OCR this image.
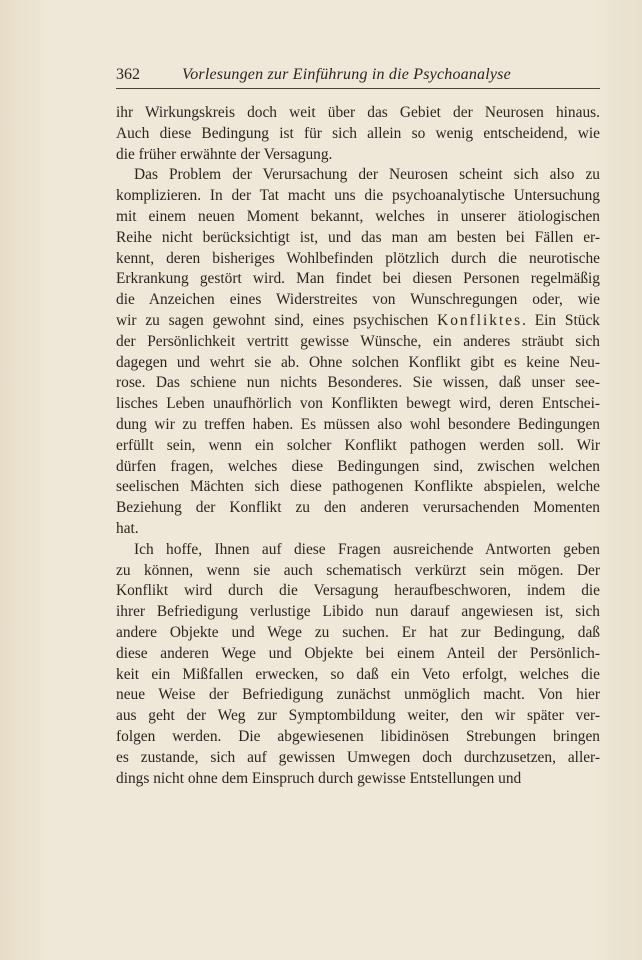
362	Vorlesungen zur Einführung in die Psychoanalyse
ihr Wirkungskreis doch weit über das Gebiet der Neurosen hinaus.
Auch diese Bedingung ist für sich allein so wenig entscheidend, wie
die früher erwähnte der Versagung.
Das Problem der Verursachung der Neurosen scheint sich also zu
komplizieren. In der Tat macht uns die psychoanalytische Untersuchung
mit einem neuen Moment bekannt, welches in unserer ätiologischen
Reihe nicht berücksichtigt ist, und das man am besten bei Fällen er-
kennt, deren bisheriges Wohlbefinden plötzlich durch die neurotische
Erkrankung gestört wird. Man findet bei diesen Personen regelmäßig
die Anzeichen eines Widerstreites von Wunschregungen oder, wie
wir zu sagen gewohnt sind, eines psychischen Konfliktes. Ein Stück
der Persönlichkeit vertritt gewisse Wünsche, ein anderes sträubt sich
dagegen und wehrt sie ab. Ohne solchen Konflikt gibt es keine Neu-
rose. Das schiene nun nichts Besonderes. Sie wissen, daß unser see-
lisches Leben unaufhörlich von Konflikten bewegt wird, deren Entschei-
dung wir zu treffen haben. Es müssen also wohl besondere Bedingungen
erfüllt sein, wenn ein solcher Konflikt pathogen werden soll. Wir
dürfen fragen, welches diese Bedingungen sind, zwischen welchen
seelischen Mächten sich diese pathogenen Konflikte abspielen, welche
Beziehung der Konflikt zu den anderen verursachenden Momenten
hat.
Ich hoffe, Ihnen auf diese Fragen ausreichende Antworten geben
zu können, wenn sie auch schematisch verkürzt sein mögen. Der
Konflikt wird durch die Versagung heraufbeschworen, indem die
ihrer Befriedigung verlustige Libido nun darauf angewiesen ist, sich
andere Objekte und Wege zu suchen. Er hat zur Bedingung, daß
diese anderen Wege und Objekte bei einem Anteil der Persönlich-
keit ein Mißfallen erwecken, so daß ein Veto erfolgt, welches die
neue Weise der Befriedigung zunächst unmöglich macht. Von hier
aus geht der Weg zur Symptombildung weiter, den wir später ver-
folgen werden. Die abgewiesenen libidinösen Strebungen bringen
es zustande, sich auf gewissen Umwegen doch durchzusetzen, aller-
dings nicht ohne dem Einspruch durch gewisse Entstellungen und
